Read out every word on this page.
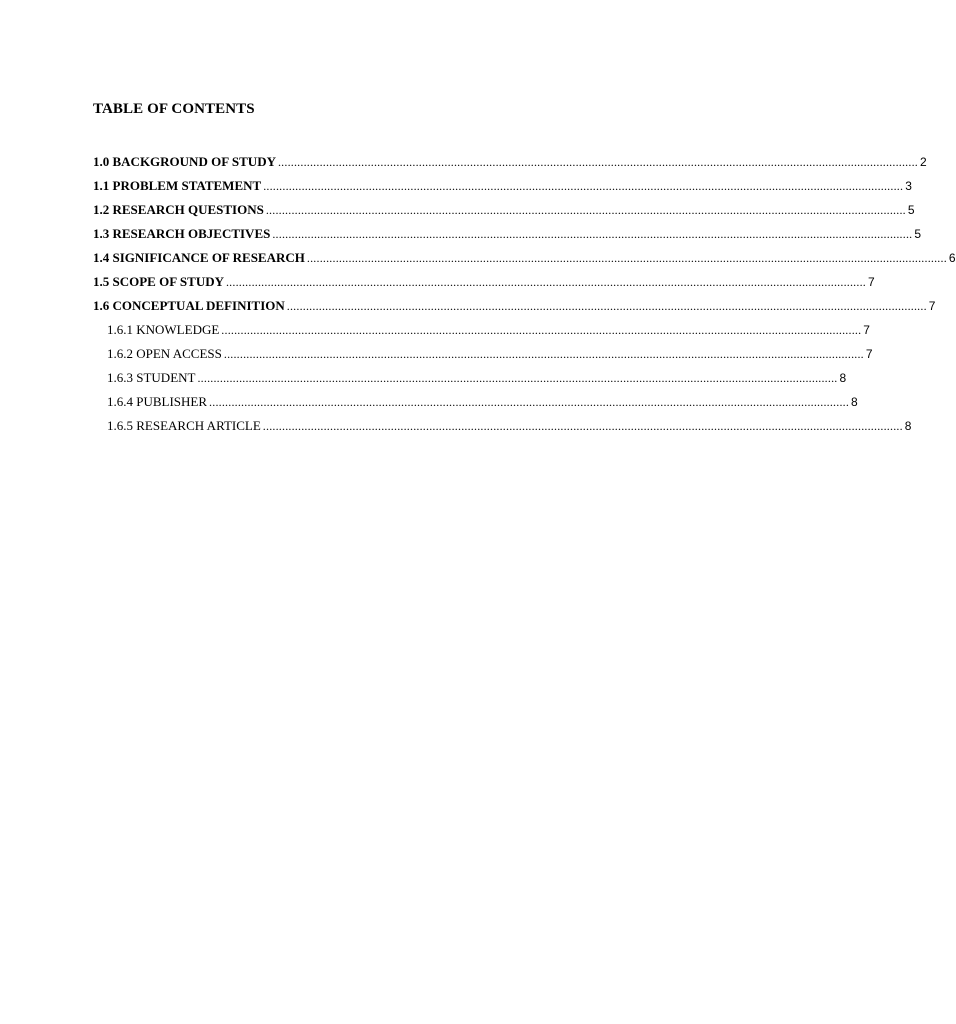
TABLE OF CONTENTS
1.0 BACKGROUND OF STUDY ........................................................................................................................................................................................................ 2
1.1 PROBLEM STATEMENT ........................................................................................................................................................................................................ 3
1.2 RESEARCH QUESTIONS ........................................................................................................................................................................................................ 5
1.3 RESEARCH OBJECTIVES ........................................................................................................................................................................................................ 5
1.4 SIGNIFICANCE OF RESEARCH ........................................................................................................................................................................................................ 6
1.5 SCOPE OF STUDY ........................................................................................................................................................................................................ 7
1.6 CONCEPTUAL DEFINITION ........................................................................................................................................................................................................ 7
1.6.1 KNOWLEDGE ........................................................................................................................................................................................................ 7
1.6.2 OPEN ACCESS ........................................................................................................................................................................................................ 7
1.6.3 STUDENT ........................................................................................................................................................................................................ 8
1.6.4 PUBLISHER ........................................................................................................................................................................................................ 8
1.6.5 RESEARCH ARTICLE ........................................................................................................................................................................................................ 8
